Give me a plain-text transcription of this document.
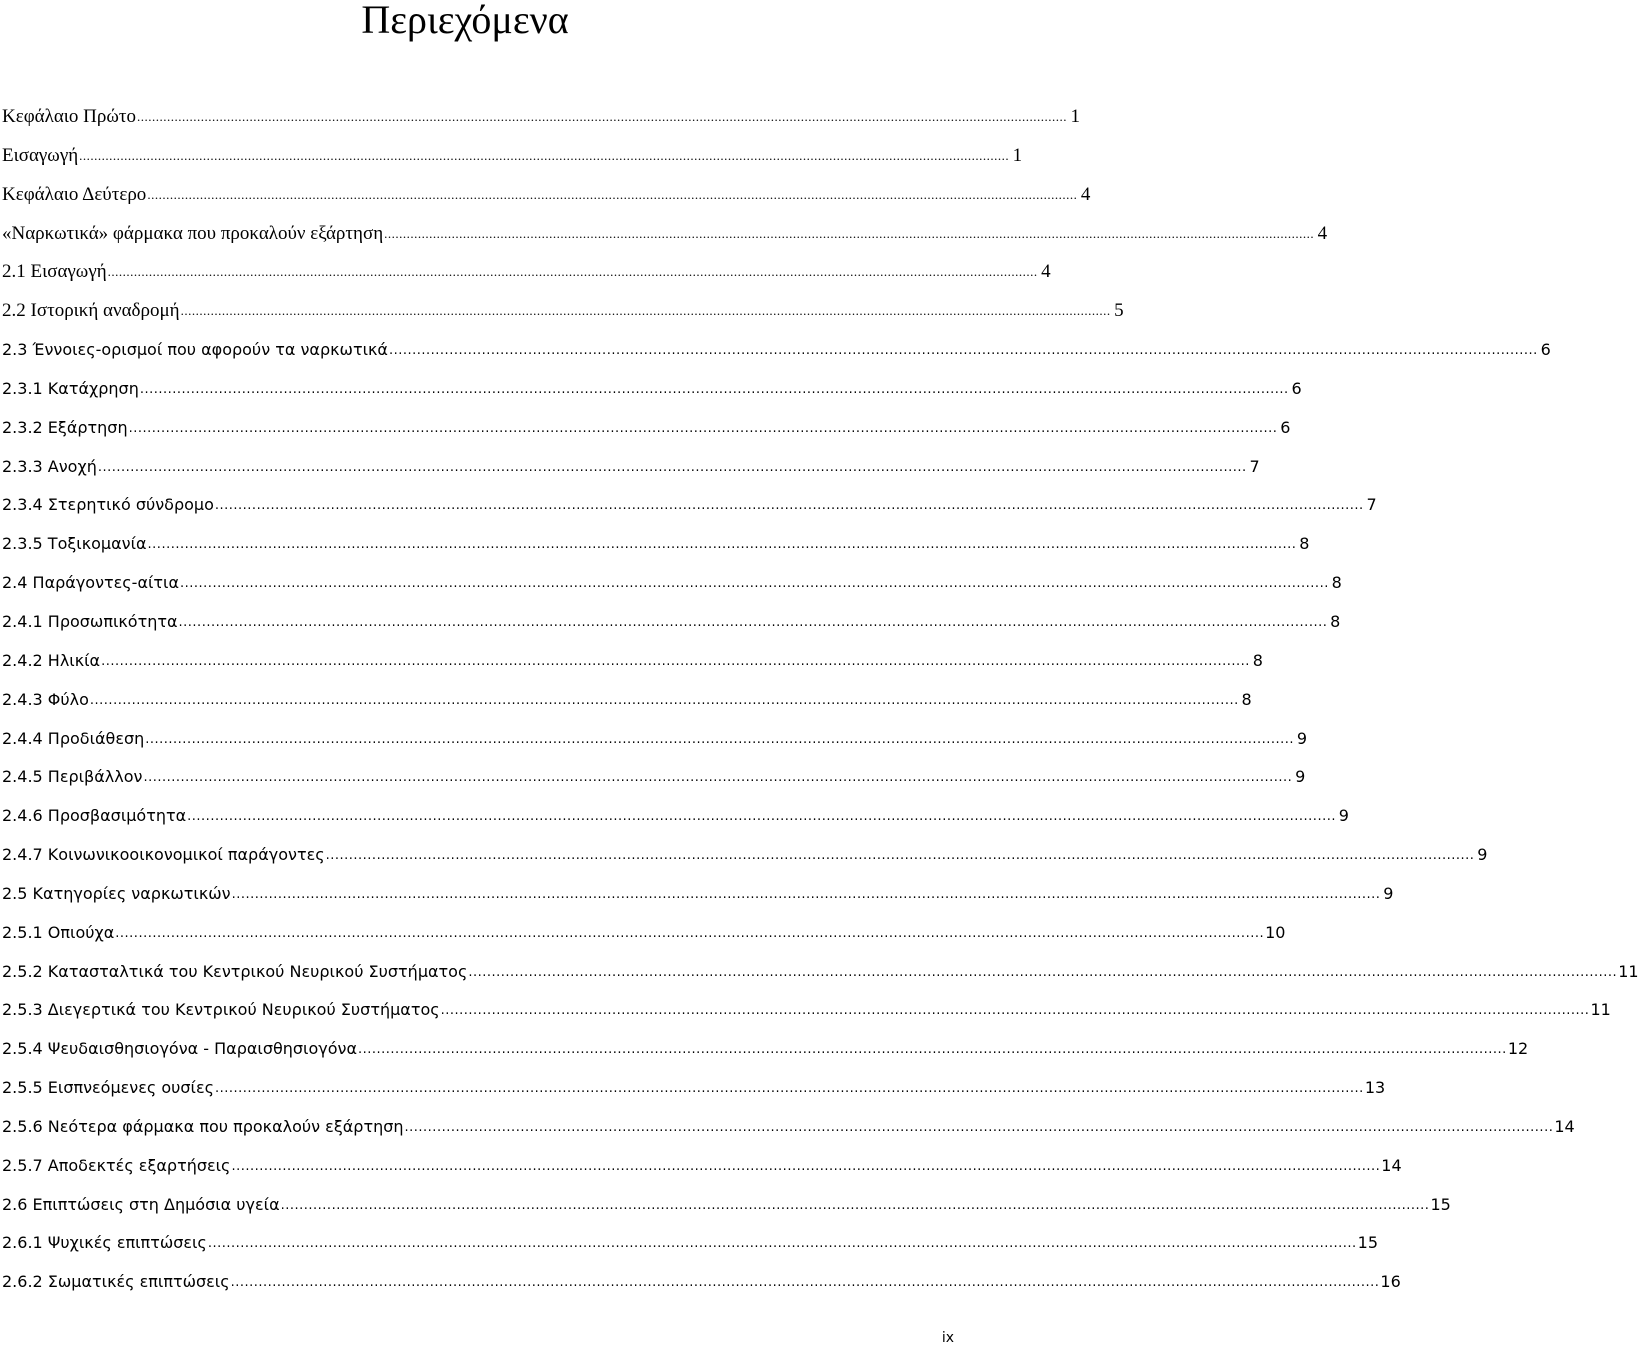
Περιεχόμενα
Κεφάλαιο Πρώτο .....	1
Εισαγωγή .....	1
Κεφάλαιο Δεύτερο .....	4
«Ναρκωτικά» φάρμακα που προκαλούν εξάρτηση .....	4
2.1 Εισαγωγή .....	4
2.2 Ιστορική αναδρομή .....	5
2.3 Έννοιες-ορισμοί που αφορούν τα ναρκωτικά .....	6
2.3.1 Κατάχρηση .....	6
2.3.2 Εξάρτηση .....	6
2.3.3 Ανοχή .....	7
2.3.4 Στερητικό σύνδρομο .....	7
2.3.5 Τοξικομανία .....	8
2.4 Παράγοντες-αίτια .....	8
2.4.1 Προσωπικότητα .....	8
2.4.2 Ηλικία .....	8
2.4.3 Φύλο .....	8
2.4.4 Προδιάθεση .....	9
2.4.5 Περιβάλλον .....	9
2.4.6 Προσβασιμότητα .....	9
2.4.7 Κοινωνικοοικονομικοί παράγοντες .....	9
2.5 Κατηγορίες ναρκωτικών .....	9
2.5.1 Οπιούχα .....	10
2.5.2 Κατασταλτικά του Κεντρικού Νευρικού Συστήματος .....	11
2.5.3 Διεγερτικά του Κεντρικού Νευρικού Συστήματος .....	11
2.5.4 Ψευδαισθησιογόνα - Παραισθησιογόνα .....	12
2.5.5 Εισπνεόμενες ουσίες .....	13
2.5.6 Νεότερα φάρμακα που προκαλούν εξάρτηση .....	14
2.5.7 Αποδεκτές εξαρτήσεις .....	14
2.6 Επιπτώσεις στη Δημόσια υγεία .....	15
2.6.1 Ψυχικές επιπτώσεις .....	15
2.6.2 Σωματικές επιπτώσεις .....	16
ix
